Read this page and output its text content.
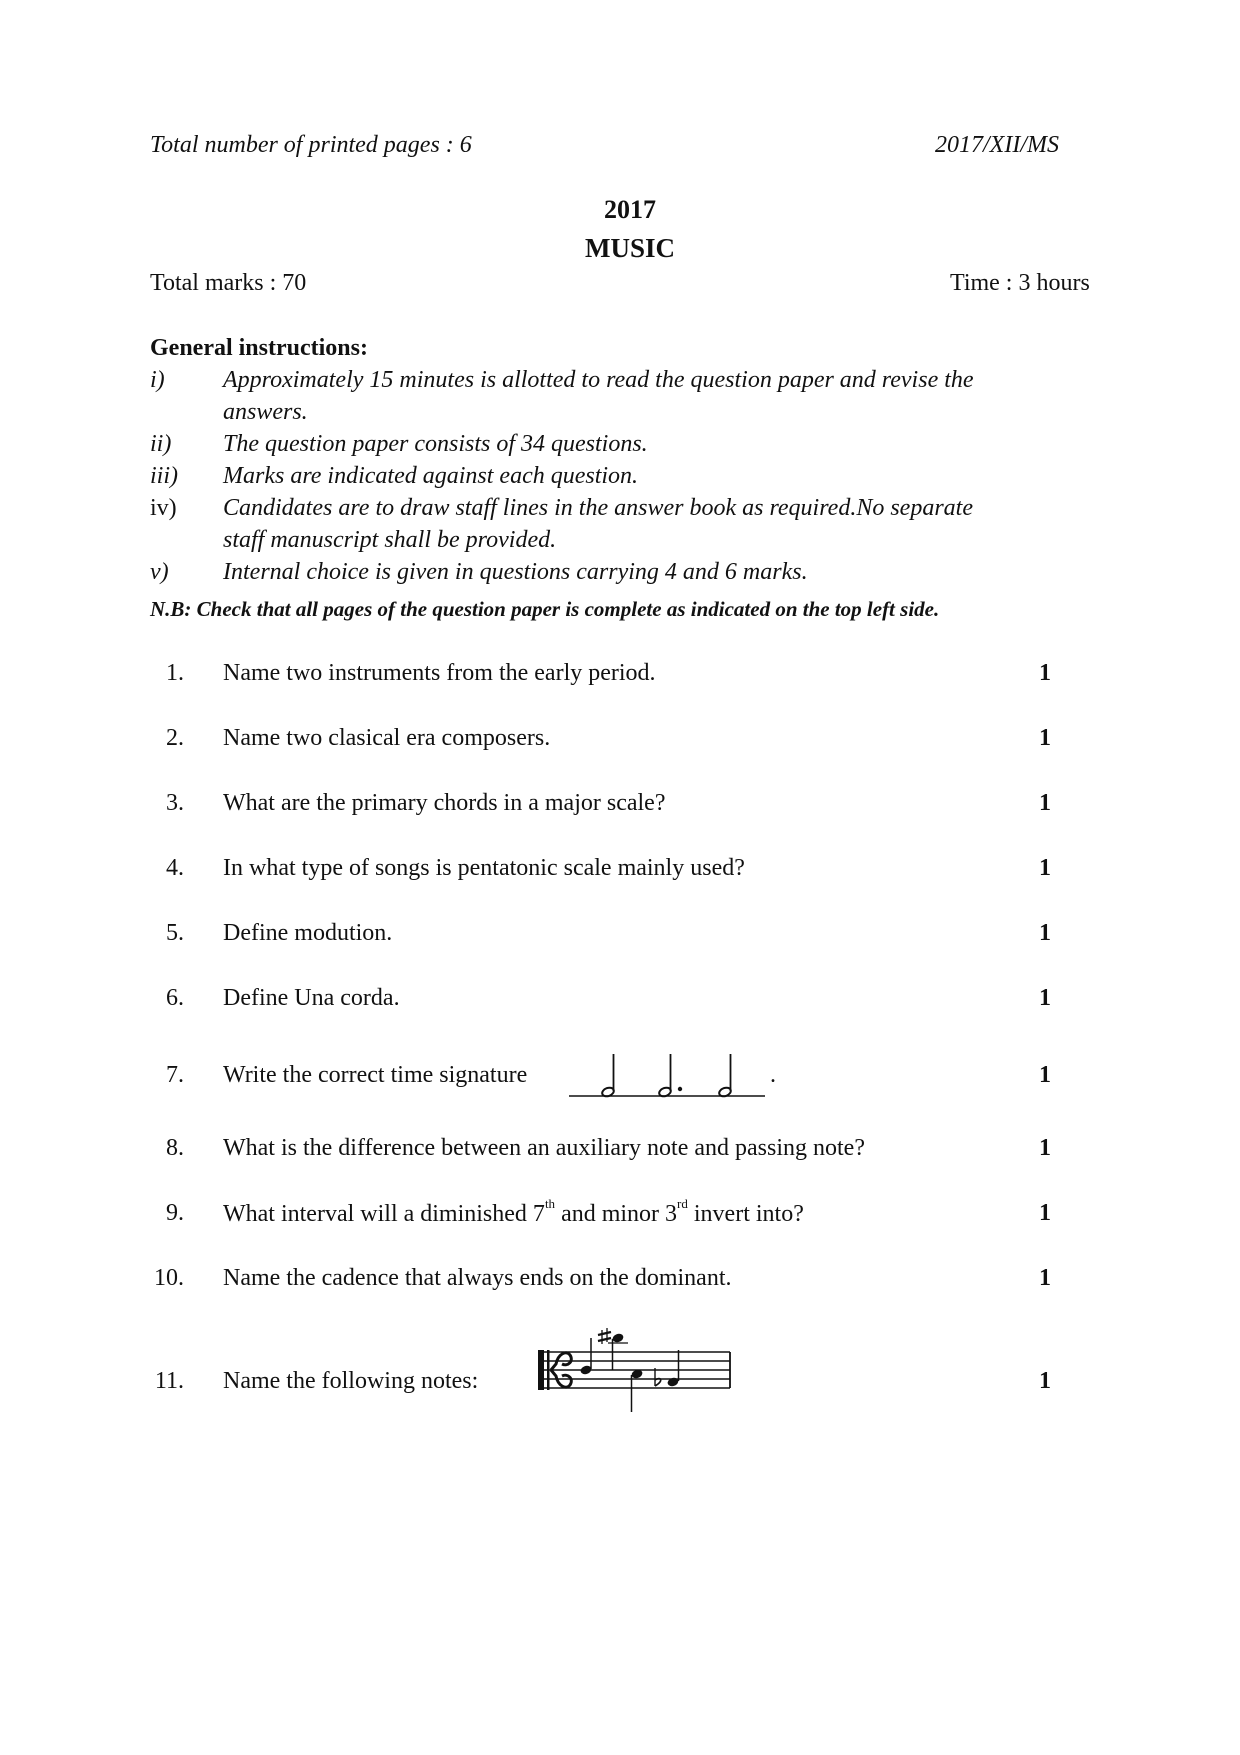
Total number of printed pages : 6	2017/XII/MS
2017
MUSIC
Total marks : 70	Time : 3 hours
General instructions:
i) Approximately 15 minutes is allotted to read the question paper and revise the
answers.
ii) The question paper consists of 34 questions.
iii) Marks are indicated against each question.
iv) Candidates are to draw staff lines in the answer book as required.No separate
staff manuscript shall be provided.
v) Internal choice is given in questions carrying 4 and 6 marks.
N.B: Check that all pages of the question paper is complete as indicated on the top left side.
1. Name two instruments from the early period.	1
2. Name two clasical era composers.	1
3. What are the primary chords in a major scale?	1
4. In what type of songs is pentatonic scale mainly used?	1
5. Define modution.	1
6. Define Una corda.	1
7. Write the correct time signature	.	1
8. What is the difference between an auxiliary note and passing note?	1
9. What interval will a diminished 7th and minor 3rd invert into?	1
10. Name the cadence that always ends on the dominant.	1
11. Name the following notes:	1
